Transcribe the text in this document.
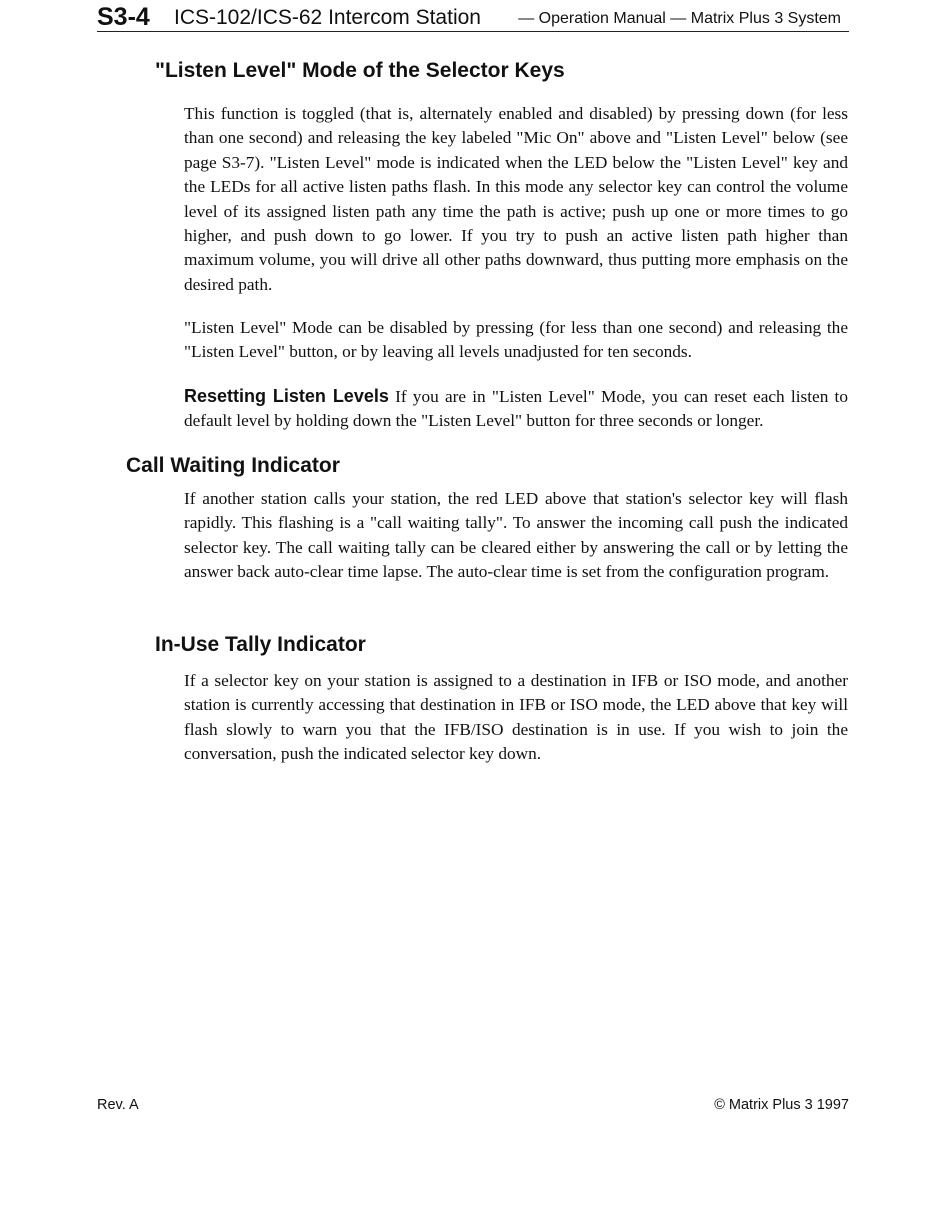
S3-4 ICS-102/ICS-62 Intercom Station — Operation Manual — Matrix Plus 3 System
"Listen Level" Mode of the Selector Keys

This function is toggled (that is, alternately enabled and disabled) by pressing down (for less than one second) and releasing the key labeled "Mic On" above and "Listen Level" below (see page S3-7). "Listen Level" mode is indicated when the LED below the "Listen Level" key and the LEDs for all active listen paths flash. In this mode any selector key can control the volume level of its assigned listen path any time the path is active; push up one or more times to go higher, and push down to go lower. If you try to push an active listen path higher than maximum volume, you will drive all other paths downward, thus putting more emphasis on the desired path.

"Listen Level" Mode can be disabled by pressing (for less than one second) and releasing the "Listen Level" button, or by leaving all levels unadjusted for ten seconds.

Resetting Listen Levels If you are in "Listen Level" Mode, you can reset each listen to default level by holding down the "Listen Level" button for three seconds or longer.

Call Waiting Indicator

If another station calls your station, the red LED above that station's selector key will flash rapidly. This flashing is a "call waiting tally". To answer the incoming call push the indicated selector key. The call waiting tally can be cleared either by answering the call or by letting the answer back auto-clear time lapse. The auto-clear time is set from the configuration program.

In-Use Tally Indicator

If a selector key on your station is assigned to a destination in IFB or ISO mode, and another station is currently accessing that destination in IFB or ISO mode, the LED above that key will flash slowly to warn you that the IFB/ISO destination is in use. If you wish to join the conversation, push the indicated selector key down.

Rev. A	© Matrix Plus 3 1997
